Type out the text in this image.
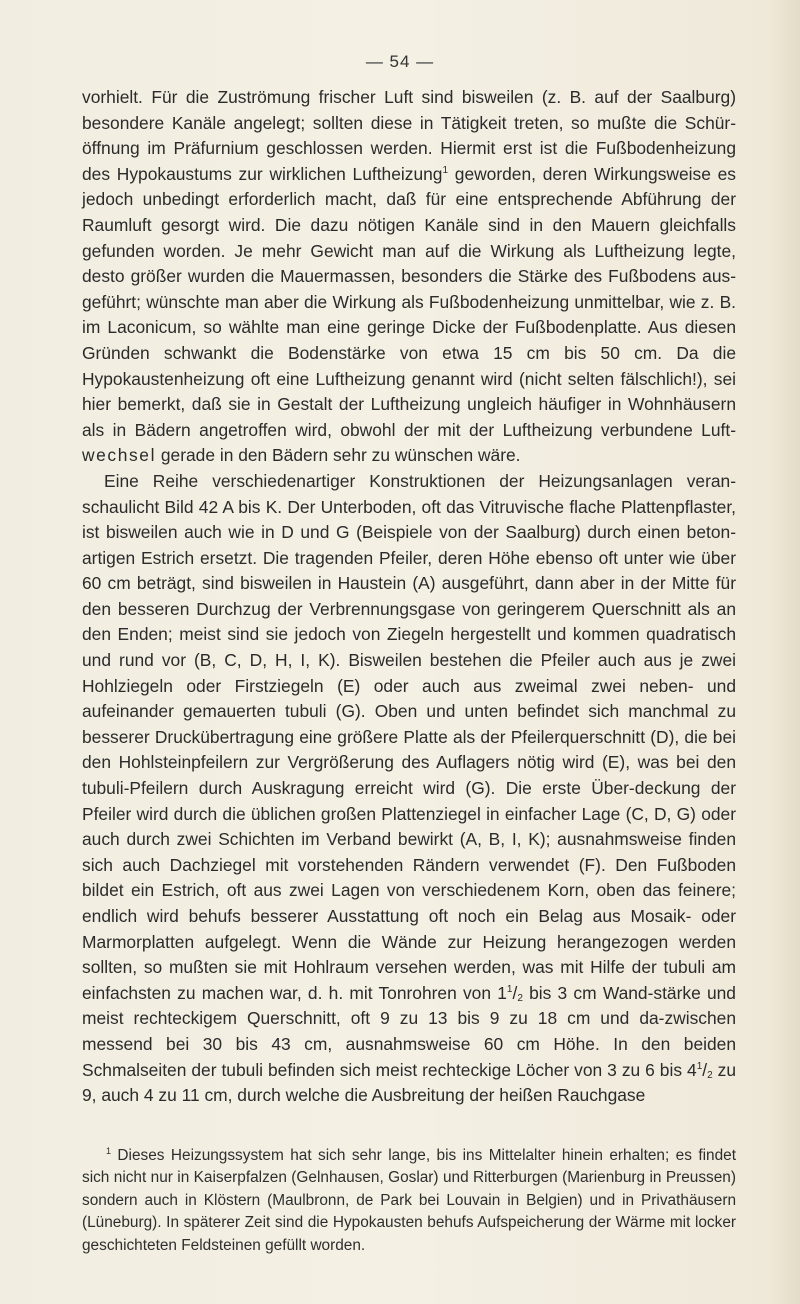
— 54 —

vorhielt. Für die Zuströmung frischer Luft sind bisweilen (z. B. auf der Saalburg) besondere Kanäle angelegt; sollten diese in Tätigkeit treten, so mußte die Schür-öffnung im Präfurnium geschlossen werden. Hiermit erst ist die Fußbodenheizung des Hypokaustums zur wirklichen Luftheizung$^1$ geworden, deren Wirkungsweise es jedoch unbedingt erforderlich macht, daß für eine entsprechende Abführung der Raumluft gesorgt wird. Die dazu nötigen Kanäle sind in den Mauern gleichfalls gefunden worden. Je mehr Gewicht man auf die Wirkung als Luftheizung legte, desto größer wurden die Mauermassen, besonders die Stärke des Fußbodens aus-geführt; wünschte man aber die Wirkung als Fußbodenheizung unmittelbar, wie z. B. im Laconicum, so wählte man eine geringe Dicke der Fußbodenplatte. Aus diesen Gründen schwankt die Bodenstärke von etwa 15 cm bis 50 cm. Da die Hypokaustenheizung oft eine Luftheizung genannt wird (nicht selten fälschlich!), sei hier bemerkt, daß sie in Gestalt der Luftheizung ungleich häufiger in Wohnhäusern als in Bädern angetroffen wird, obwohl der mit der Luftheizung verbundene Luft- wechsel gerade in den Bädern sehr zu wünschen wäre.

Eine Reihe verschiedenartiger Konstruktionen der Heizungsanlagen veran-schaulicht Bild 42 A bis K. Der Unterboden, oft das Vitruvische flache Plattenpflaster, ist bisweilen auch wie in D und G (Beispiele von der Saalburg) durch einen beton-artigen Estrich ersetzt. Die tragenden Pfeiler, deren Höhe ebenso oft unter wie über 60 cm beträgt, sind bisweilen in Haustein (A) ausgeführt, dann aber in der Mitte für den besseren Durchzug der Verbrennungsgase von geringerem Querschnitt als an den Enden; meist sind sie jedoch von Ziegeln hergestellt und kommen quadratisch und rund vor (B, C, D, H, I, K). Bisweilen bestehen die Pfeiler auch aus je zwei Hohlziegeln oder Firstziegeln (E) oder auch aus zweimal zwei neben- und aufeinander gemauerten tubuli (G). Oben und unten befindet sich manchmal zu besserer Druckübertragung eine größere Platte als der Pfeilerquerschnitt (D), die bei den Hohlsteinpfeilern zur Vergrößerung des Auflagers nötig wird (E), was bei den tubuli-Pfeilern durch Auskragung erreicht wird (G). Die erste Über-deckung der Pfeiler wird durch die üblichen großen Plattenziegel in einfacher Lage (C, D, G) oder auch durch zwei Schichten im Verband bewirkt (A, B, I, K); ausnahmsweise finden sich auch Dachziegel mit vorstehenden Rändern verwendet (F). Den Fußboden bildet ein Estrich, oft aus zwei Lagen von verschiedenem Korn, oben das feinere; endlich wird behufs besserer Ausstattung oft noch ein Belag aus Mosaik- oder Marmorplatten aufgelegt. Wenn die Wände zur Heizung herangezogen werden sollten, so mußten sie mit Hohlraum versehen werden, was mit Hilfe der tubuli am einfachsten zu machen war, d. h. mit Tonrohren von $1^1/_2$ bis 3 cm Wand-stärke und meist rechteckigem Querschnitt, oft 9 zu 13 bis 9 zu 18 cm und da-zwischen messend bei 30 bis 43 cm, ausnahmsweise 60 cm Höhe. In den beiden Schmalseiten der tubuli befinden sich meist rechteckige Löcher von 3 zu 6 bis $4^1/_2$ zu 9, auch 4 zu 11 cm, durch welche die Ausbreitung der heißen Rauchgase

$^1$ Dieses Heizungssystem hat sich sehr lange, bis ins Mittelalter hinein erhalten; es findet sich nicht nur in Kaiserpfalzen (Gelnhausen, Goslar) und Ritterburgen (Marienburg in Preussen) sondern auch in Klöstern (Maulbronn, de Park bei Louvain in Belgien) und in Privathäusern (Lüneburg). In späterer Zeit sind die Hypokausten behufs Aufspeicherung der Wärme mit locker geschichteten Feldsteinen gefüllt worden.
